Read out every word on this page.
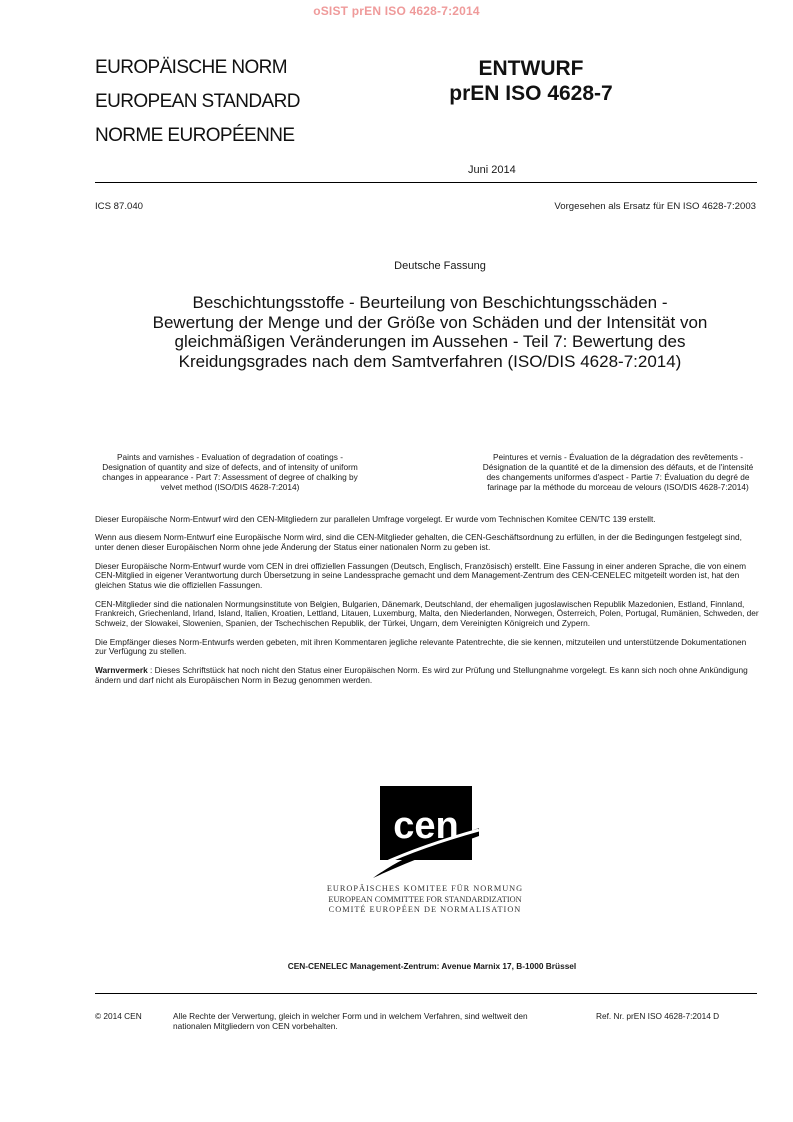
oSIST prEN ISO 4628-7:2014
EUROPÄISCHE NORM
EUROPEAN STANDARD
NORME EUROPÉENNE
ENTWURF
prEN ISO 4628-7
Juni 2014
ICS 87.040	Vorgesehen als Ersatz für EN ISO 4628-7:2003
Deutsche Fassung
Beschichtungsstoffe - Beurteilung von Beschichtungsschäden - Bewertung der Menge und der Größe von Schäden und der Intensität von gleichmäßigen Veränderungen im Aussehen - Teil 7: Bewertung des Kreidungsgrades nach dem Samtverfahren (ISO/DIS 4628-7:2014)
Paints and varnishes - Evaluation of degradation of coatings - Designation of quantity and size of defects, and of intensity of uniform changes in appearance - Part 7: Assessment of degree of chalking by velvet method (ISO/DIS 4628-7:2014)
Peintures et vernis - Évaluation de la dégradation des revêtements - Désignation de la quantité et de la dimension des défauts, et de l'intensité des changements uniformes d'aspect - Partie 7: Évaluation du degré de farinage par la méthode du morceau de velours (ISO/DIS 4628-7:2014)

Dieser Europäische Norm-Entwurf wird den CEN-Mitgliedern zur parallelen Umfrage vorgelegt. Er wurde vom Technischen Komitee CEN/TC 139 erstellt.

Wenn aus diesem Norm-Entwurf eine Europäische Norm wird, sind die CEN-Mitglieder gehalten, die CEN-Geschäftsordnung zu erfüllen, in der die Bedingungen festgelegt sind, unter denen dieser Europäischen Norm ohne jede Änderung der Status einer nationalen Norm zu geben ist.

Dieser Europäische Norm-Entwurf wurde vom CEN in drei offiziellen Fassungen (Deutsch, Englisch, Französisch) erstellt. Eine Fassung in einer anderen Sprache, die von einem CEN-Mitglied in eigener Verantwortung durch Übersetzung in seine Landessprache gemacht und dem Management-Zentrum des CEN-CENELEC mitgeteilt worden ist, hat den gleichen Status wie die offiziellen Fassungen.

CEN-Mitglieder sind die nationalen Normungsinstitute von Belgien, Bulgarien, Dänemark, Deutschland, der ehemaligen jugoslawischen Republik Mazedonien, Estland, Finnland, Frankreich, Griechenland, Irland, Island, Italien, Kroatien, Lettland, Litauen, Luxemburg, Malta, den Niederlanden, Norwegen, Österreich, Polen, Portugal, Rumänien, Schweden, der Schweiz, der Slowakei, Slowenien, Spanien, der Tschechischen Republik, der Türkei, Ungarn, dem Vereinigten Königreich und Zypern.

Die Empfänger dieses Norm-Entwurfs werden gebeten, mit ihren Kommentaren jegliche relevante Patentrechte, die sie kennen, mitzuteilen und unterstützende Dokumentationen zur Verfügung zu stellen.

Warnvermerk : Dieses Schriftstück hat noch nicht den Status einer Europäischen Norm. Es wird zur Prüfung und Stellungnahme vorgelegt. Es kann sich noch ohne Ankündigung ändern und darf nicht als Europäischen Norm in Bezug genommen werden.

cen
EUROPÄISCHES KOMITEE FÜR NORMUNG
EUROPEAN COMMITTEE FOR STANDARDIZATION
COMITÉ EUROPÉEN DE NORMALISATION
CEN-CENELEC Management-Zentrum: Avenue Marnix 17, B-1000 Brüssel
© 2014 CEN	Alle Rechte der Verwertung, gleich in welcher Form und in welchem Verfahren, sind weltweit den nationalen Mitgliedern von CEN vorbehalten.
Ref. Nr. prEN ISO 4628-7:2014 D
